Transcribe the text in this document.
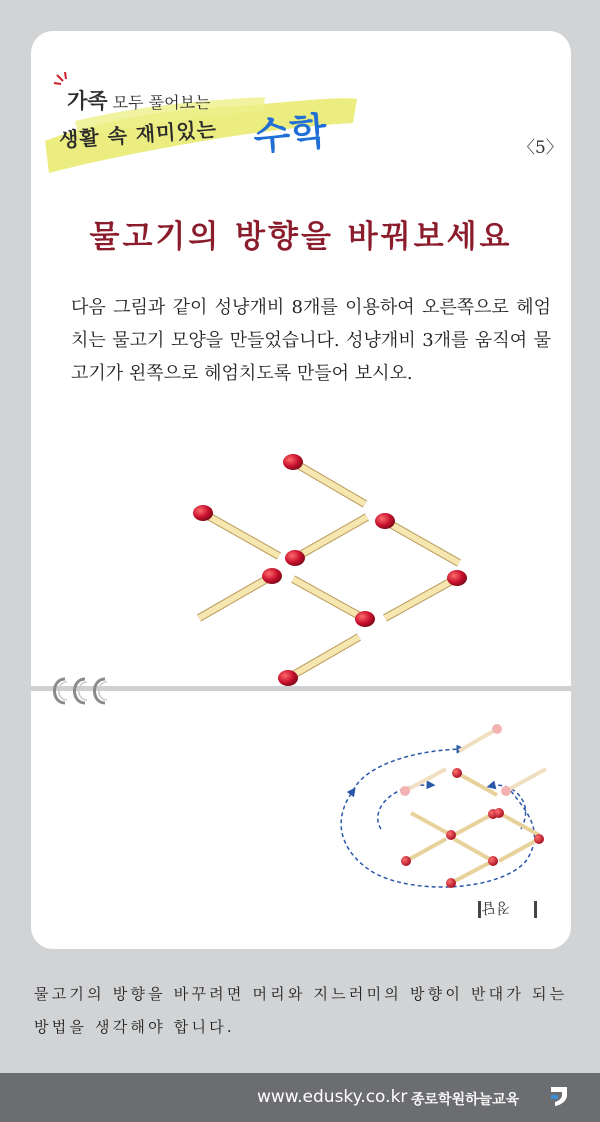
가족 모두 풀어보는
생활 속 재미있는 수학	〈5〉
물고기의 방향을 바꿔보세요
다음 그림과 같이 성냥개비 8개를 이용하여 오른쪽으로 헤엄치는 물고기 모양을 만들었습니다. 성냥개비 3개를 움직여 물고기가 왼쪽으로 헤엄치도록 만들어 보시오.
정답
물고기의 방향을 바꾸려면 머리와 지느러미의 방향이 반대가 되는 방법을 생각해야 합니다.
www.edusky.co.kr 종로학원하늘교육
